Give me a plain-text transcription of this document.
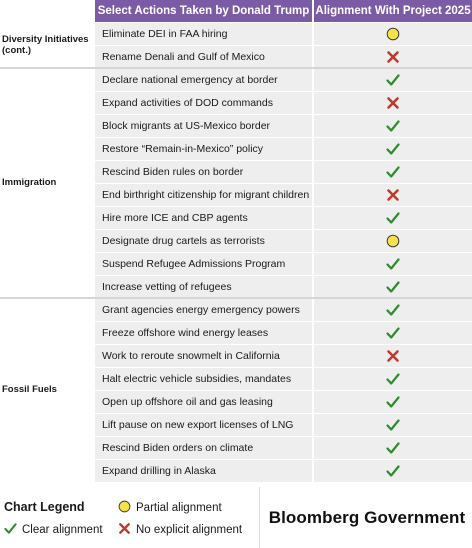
Select Actions Taken by Donald Trump Alignment With Project 2025
Eliminate DEI in FAA hiring
Rename Denali and Gulf of Mexico
Diversity Initiatives (cont.)
Declare national emergency at border
Expand activities of DOD commands
Block migrants at US-Mexico border
Restore “Remain-in-Mexico” policy
Rescind Biden rules on border
End birthright citizenship for migrant children
Hire more ICE and CBP agents
Designate drug cartels as terrorists
Suspend Refugee Admissions Program
Increase vetting of refugees
Immigration
Grant agencies energy emergency powers
Freeze offshore wind energy leases
Work to reroute snowmelt in California
Halt electric vehicle subsidies, mandates
Open up offshore oil and gas leasing
Lift pause on new export licenses of LNG
Rescind Biden orders on climate
Expand drilling in Alaska
Fossil Fuels
Chart Legend	Partial alignment
Clear alignment	No explicit alignment
Bloomberg Government
